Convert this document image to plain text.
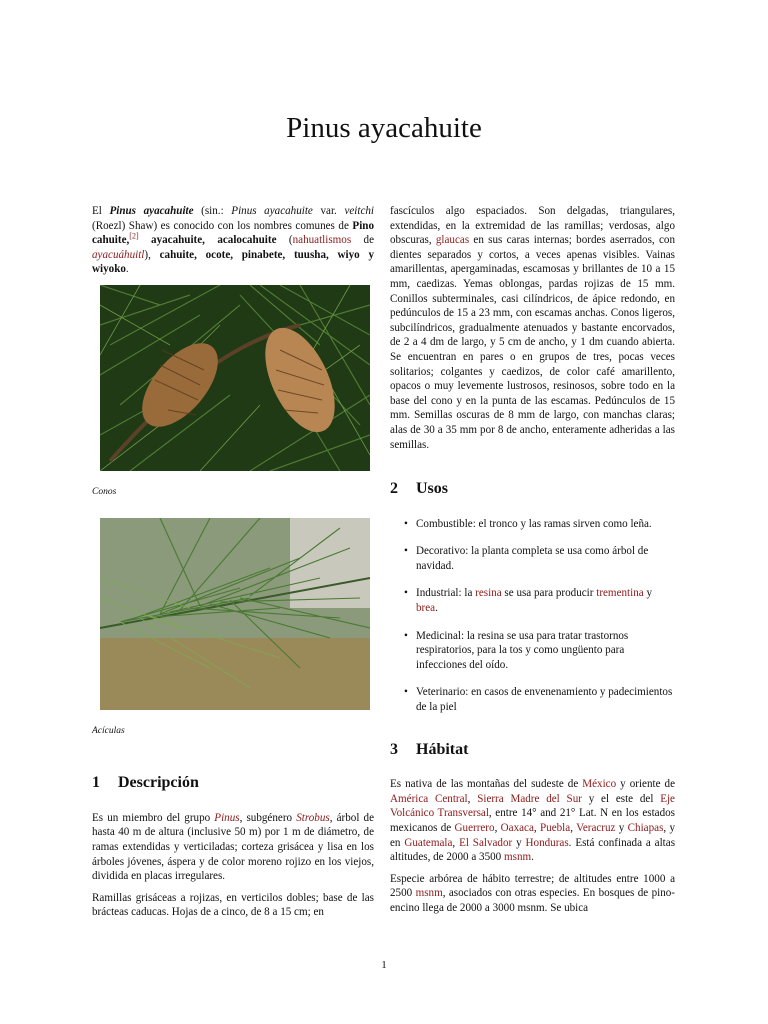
Pinus ayacahuite

El Pinus ayacahuite (sin.: Pinus ayacahuite var. veitchi (Roezl) Shaw) es conocido con los nombres comunes de Pino cahuite,[2] ayacahuite, acalocahuite (nahuatlismos de ayacuáhuitl), cahuite, ocote, pinabete, tuusha, wiyo y wiyoko.

Conos

Acículas

1 Descripción

Es un miembro del grupo Pinus, subgénero Strobus, árbol de hasta 40 m de altura (inclusive 50 m) por 1 m de diámetro, de ramas extendidas y verticiladas; corteza grisácea y lisa en los árboles jóvenes, áspera y de color moreno rojizo en los viejos, dividida en placas irregulares.

Ramillas grisáceas a rojizas, en verticilos dobles; base de las brácteas caducas. Hojas de a cinco, de 8 a 15 cm; en

fascículos algo espaciados. Son delgadas, triangulares, extendidas, en la extremidad de las ramillas; verdosas, algo obscuras, glaucas en sus caras internas; bordes aserrados, con dientes separados y cortos, a veces apenas visibles. Vainas amarillentas, apergaminadas, escamosas y brillantes de 10 a 15 mm, caedizas. Yemas oblongas, pardas rojizas de 15 mm. Conillos subterminales, casi cilíndricos, de ápice redondo, en pedúnculos de 15 a 23 mm, con escamas anchas. Conos ligeros, subcilíndricos, gradualmente atenuados y bastante encorvados, de 2 a 4 dm de largo, y 5 cm de ancho, y 1 dm cuando abierta. Se encuentran en pares o en grupos de tres, pocas veces solitarios; colgantes y caedizos, de color café amarillento, opacos o muy levemente lustrosos, resinosos, sobre todo en la base del cono y en la punta de las escamas. Pedúnculos de 15 mm. Semillas oscuras de 8 mm de largo, con manchas claras; alas de 30 a 35 mm por 8 de ancho, enteramente adheridas a las semillas.

2 Usos
• Combustible: el tronco y las ramas sirven como leña.
• Decorativo: la planta completa se usa como árbol de navidad.
• Industrial: la resina se usa para producir trementina y brea.
• Medicinal: la resina se usa para tratar trastornos respiratorios, para la tos y como ungüento para infecciones del oído.
• Veterinario: en casos de envenenamiento y padecimientos de la piel
3 Hábitat

Es nativa de las montañas del sudeste de México y oriente de América Central, Sierra Madre del Sur y el este del Eje Volcánico Transversal, entre 14° and 21° Lat. N en los estados mexicanos de Guerrero, Oaxaca, Puebla, Veracruz y Chiapas, y en Guatemala, El Salvador y Honduras. Está confinada a altas altitudes, de 2000 a 3500 msnm.

Especie arbórea de hábito terrestre; de altitudes entre 1000 a 2500 msnm, asociados con otras especies. En bosques de pino-encino llega de 2000 a 3000 msnm. Se ubica

1
